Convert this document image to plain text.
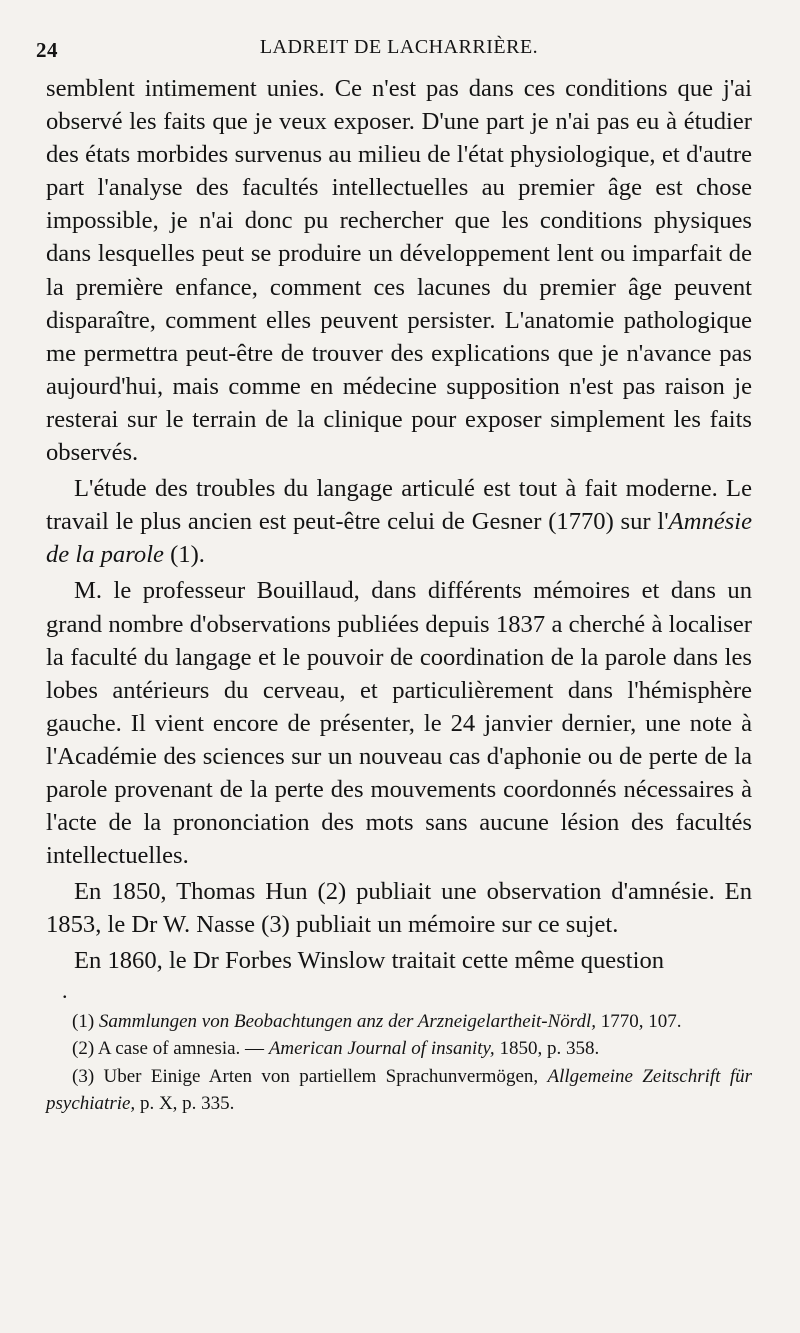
24	LADREIT DE LACHARRIÈRE.

semblent intimement unies. Ce n'est pas dans ces conditions que j'ai observé les faits que je veux exposer. D'une part je n'ai pas eu à étudier des états morbides survenus au milieu de l'état physiologique, et d'autre part l'analyse des facultés intellectuelles au premier âge est chose impossible, je n'ai donc pu rechercher que les conditions physiques dans lesquelles peut se produire un développement lent ou imparfait de la première enfance, comment ces lacunes du premier âge peuvent disparaître, comment elles peuvent persister. L'anatomie pathologique me permettra peut-être de trouver des explications que je n'avance pas aujourd'hui, mais comme en médecine supposition n'est pas raison je resterai sur le terrain de la clinique pour exposer simplement les faits observés.

L'étude des troubles du langage articulé est tout à fait moderne. Le travail le plus ancien est peut-être celui de Gesner (1770) sur l'Amnésie de la parole (1).

M. le professeur Bouillaud, dans différents mémoires et dans un grand nombre d'observations publiées depuis 1837 a cherché à localiser la faculté du langage et le pouvoir de coordination de la parole dans les lobes antérieurs du cerveau, et particulièrement dans l'hémisphère gauche. Il vient encore de présenter, le 24 janvier dernier, une note à l'Académie des sciences sur un nouveau cas d'aphonie ou de perte de la parole provenant de la perte des mouvements coordonnés nécessaires à l'acte de la prononciation des mots sans aucune lésion des facultés intellectuelles.

En 1850, Thomas Hun (2) publiait une observation d'amnésie. En 1853, le Dr W. Nasse (3) publiait un mémoire sur ce sujet.

En 1860, le Dr Forbes Winslow traitait cette même question

.

(1) Sammlungen von Beobachtungen anz der Arzneigelartheit-Nördl, 1770, 107.

(2) A case of amnesia. — American Journal of insanity, 1850, p. 358.

(3) Uber Einige Arten von partiellem Sprachunvermögen, Allgemeine Zeitschrift für psychiatrie, p. X, p. 335.
